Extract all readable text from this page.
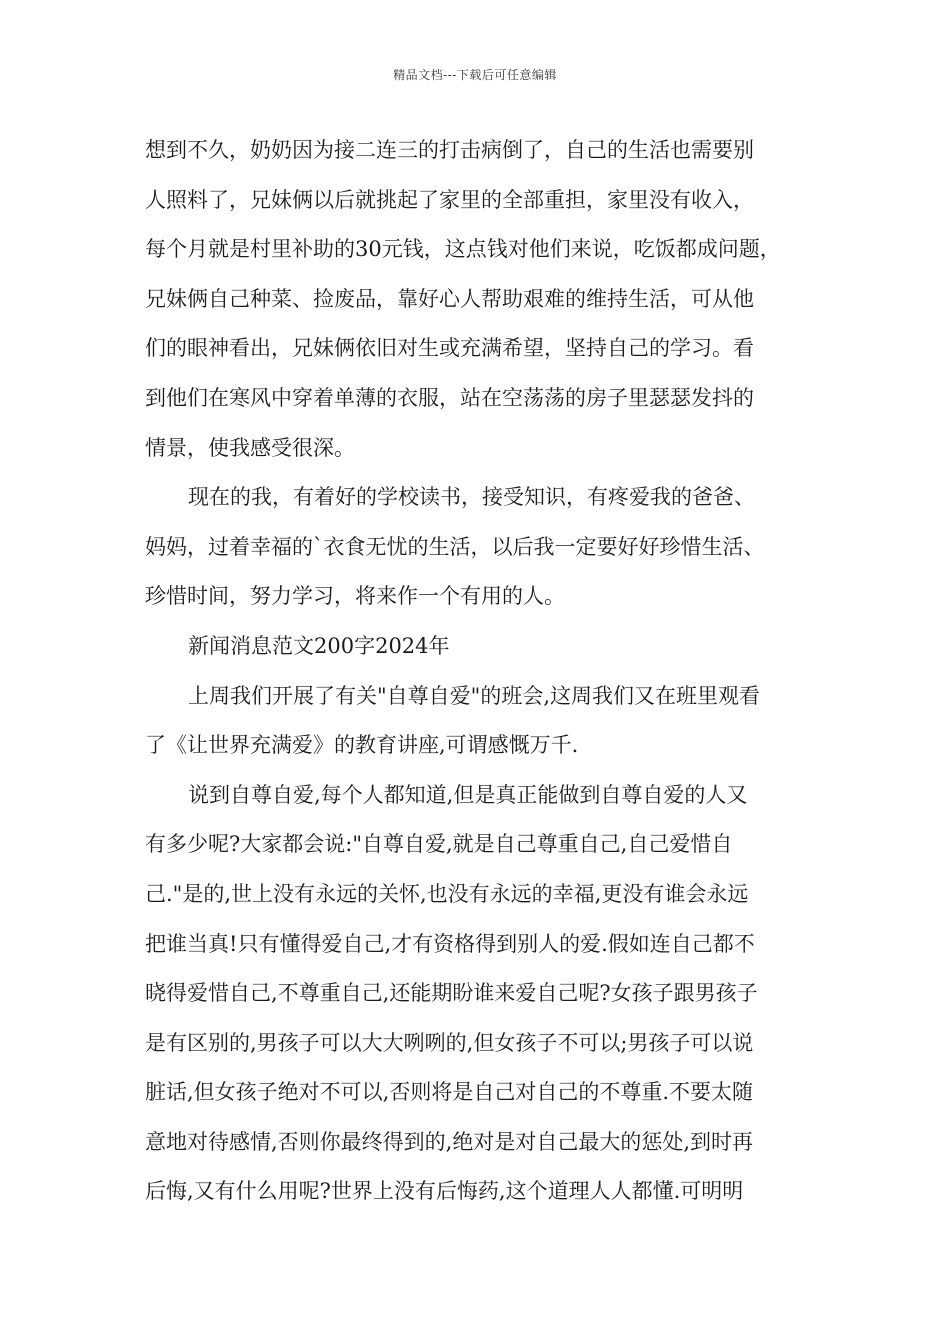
精品文档---下载后可任意编辑
想到不久，奶奶因为接二连三的打击病倒了，自己的生活也需要别
人照料了，兄妹俩以后就挑起了家里的全部重担，家里没有收入，
每个月就是村里补助的30元钱，这点钱对他们来说，吃饭都成问题，
兄妹俩自己种菜、捡废品，靠好心人帮助艰难的维持生活，可从他
们的眼神看出，兄妹俩依旧对生或充满希望，坚持自己的学习。看
到他们在寒风中穿着单薄的衣服，站在空荡荡的房子里瑟瑟发抖的
情景，使我感受很深。
现在的我，有着好的学校读书，接受知识，有疼爱我的爸爸、
妈妈，过着幸福的`衣食无忧的生活，以后我一定要好好珍惜生活、
珍惜时间，努力学习，将来作一个有用的人。
新闻消息范文200字2024年
上周我们开展了有关"自尊自爱"的班会,这周我们又在班里观看
了《让世界充满爱》的教育讲座,可谓感慨万千.
说到自尊自爱,每个人都知道,但是真正能做到自尊自爱的人又
有多少呢?大家都会说:"自尊自爱,就是自己尊重自己,自己爱惜自
己."是的,世上没有永远的关怀,也没有永远的幸福,更没有谁会永远
把谁当真!只有懂得爱自己,才有资格得到别人的爱.假如连自己都不
晓得爱惜自己,不尊重自己,还能期盼谁来爱自己呢?女孩子跟男孩子
是有区别的,男孩子可以大大咧咧的,但女孩子不可以;男孩子可以说
脏话,但女孩子绝对不可以,否则将是自己对自己的不尊重.不要太随
意地对待感情,否则你最终得到的,绝对是对自己最大的惩处,到时再
后悔,又有什么用呢?世界上没有后悔药,这个道理人人都懂.可明明
